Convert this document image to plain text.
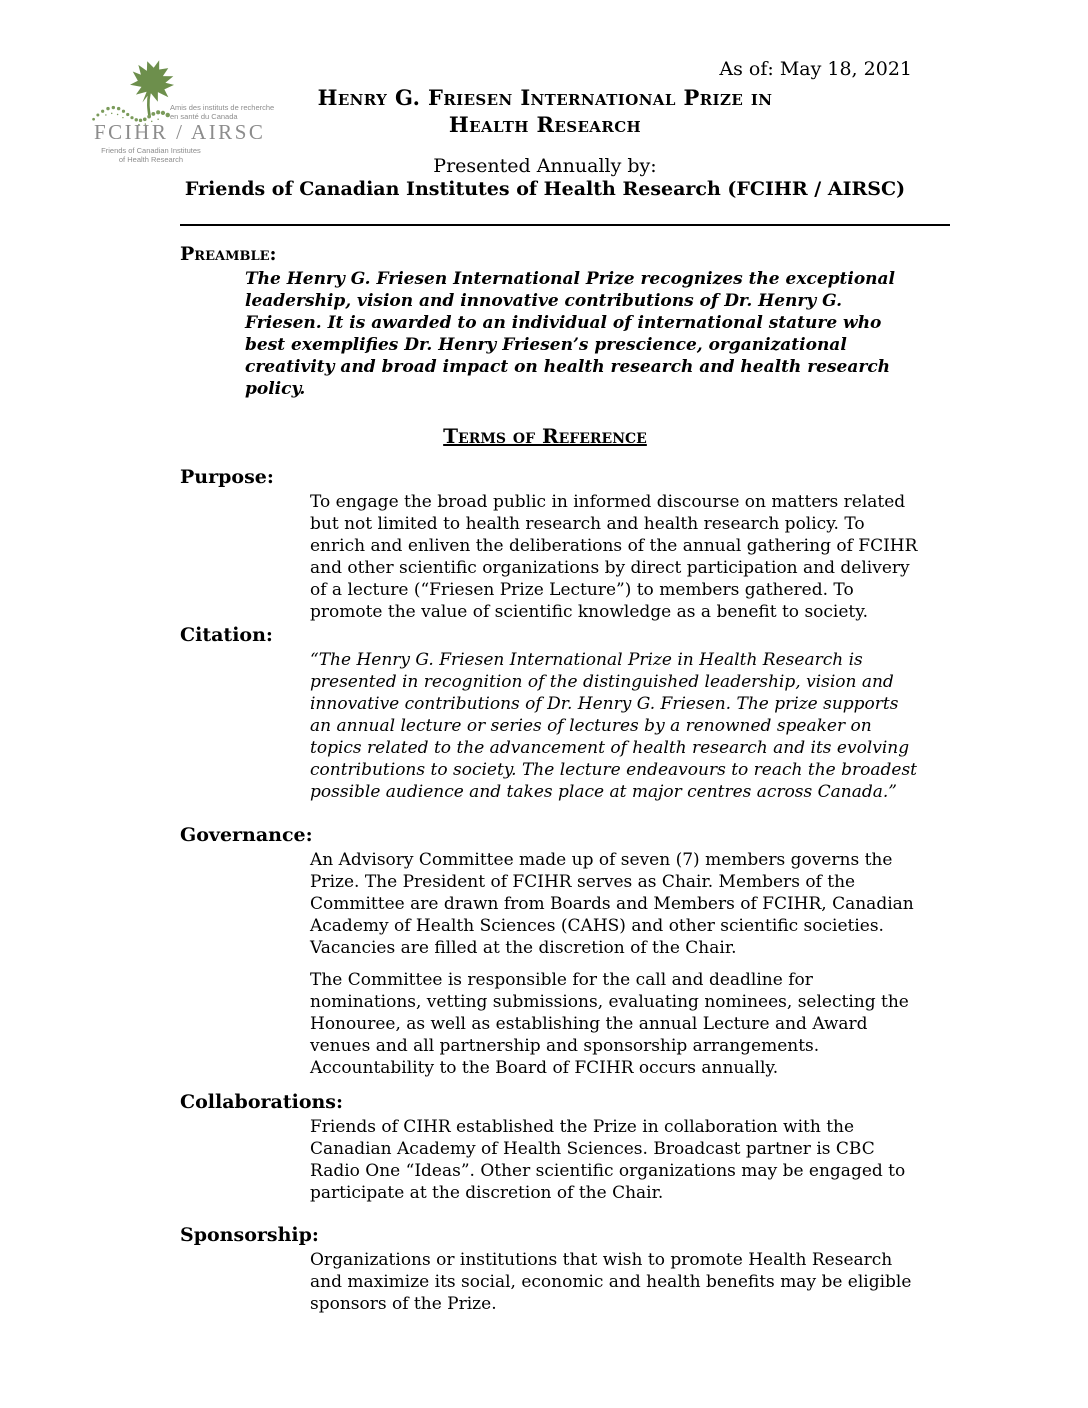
Amis des instituts de recherche
en santé du Canada
FCIHR / AIRSC
Friends of Canadian Institutes
of Health Research
As of: May 18, 2021
Henry G. Friesen International Prize in
Health Research
Presented Annually by:
Friends of Canadian Institutes of Health Research (FCIHR / AIRSC)
Preamble:
The Henry G. Friesen International Prize recognizes the exceptional leadership, vision and innovative contributions of Dr. Henry G. Friesen. It is awarded to an individual of international stature who best exemplifies Dr. Henry Friesen’s prescience, organizational creativity and broad impact on health research and health research policy.
Terms of Reference
Purpose:
To engage the broad public in informed discourse on matters related but not limited to health research and health research policy. To enrich and enliven the deliberations of the annual gathering of FCIHR and other scientific organizations by direct participation and delivery of a lecture (“Friesen Prize Lecture”) to members gathered. To promote the value of scientific knowledge as a benefit to society.
Citation:
“The Henry G. Friesen International Prize in Health Research is presented in recognition of the distinguished leadership, vision and innovative contributions of Dr. Henry G. Friesen. The prize supports an annual lecture or series of lectures by a renowned speaker on topics related to the advancement of health research and its evolving contributions to society. The lecture endeavours to reach the broadest possible audience and takes place at major centres across Canada.”
Governance:
An Advisory Committee made up of seven (7) members governs the Prize. The President of FCIHR serves as Chair. Members of the Committee are drawn from Boards and Members of FCIHR, Canadian Academy of Health Sciences (CAHS) and other scientific societies. Vacancies are filled at the discretion of the Chair.
The Committee is responsible for the call and deadline for nominations, vetting submissions, evaluating nominees, selecting the Honouree, as well as establishing the annual Lecture and Award venues and all partnership and sponsorship arrangements. Accountability to the Board of FCIHR occurs annually.
Collaborations:
Friends of CIHR established the Prize in collaboration with the Canadian Academy of Health Sciences. Broadcast partner is CBC Radio One “Ideas”. Other scientific organizations may be engaged to participate at the discretion of the Chair.
Sponsorship:
Organizations or institutions that wish to promote Health Research and maximize its social, economic and health benefits may be eligible sponsors of the Prize.
